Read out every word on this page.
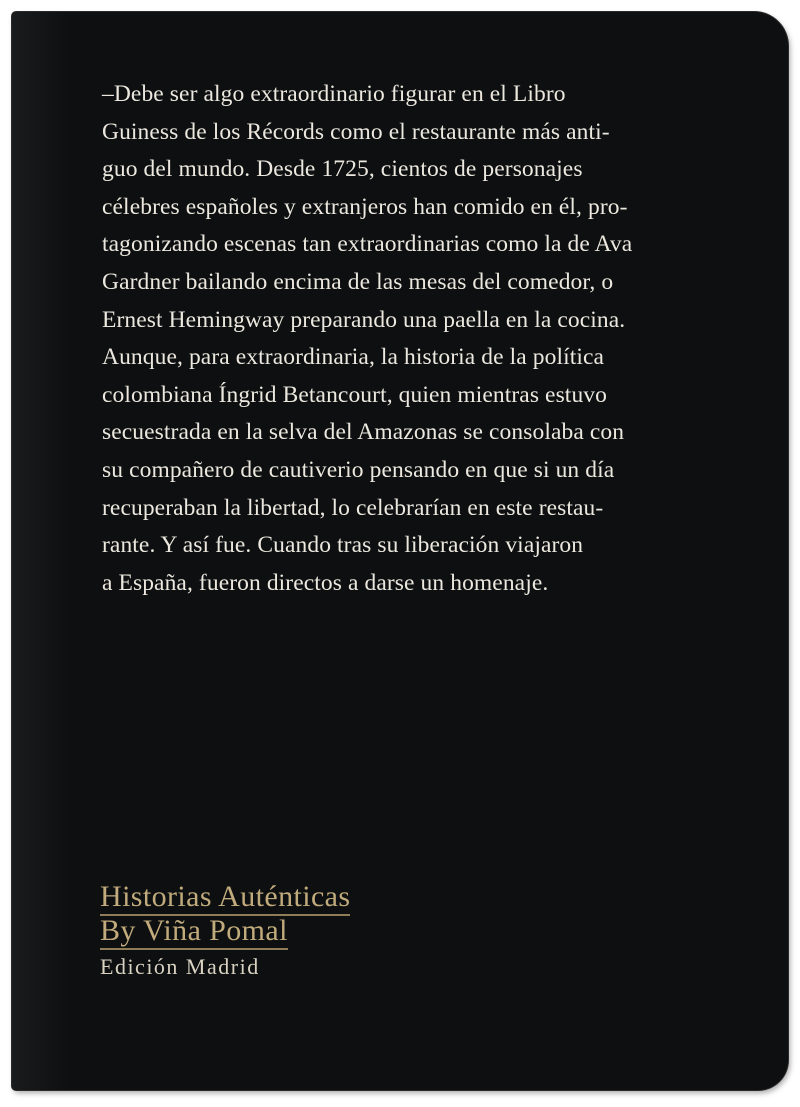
–Debe ser algo extraordinario figurar en el Libro
Guiness de los Récords como el restaurante más anti-
guo del mundo. Desde 1725, cientos de personajes
célebres españoles y extranjeros han comido en él, pro-
tagonizando escenas tan extraordinarias como la de Ava
Gardner bailando encima de las mesas del comedor, o
Ernest Hemingway preparando una paella en la cocina.
Aunque, para extraordinaria, la historia de la política
colombiana Íngrid Betancourt, quien mientras estuvo
secuestrada en la selva del Amazonas se consolaba con
su compañero de cautiverio pensando en que si un día
recuperaban la libertad, lo celebrarían en este restau-
rante. Y así fue. Cuando tras su liberación viajaron
a España, fueron directos a darse un homenaje.
Historias Auténticas
By Viña Pomal
Edición Madrid
